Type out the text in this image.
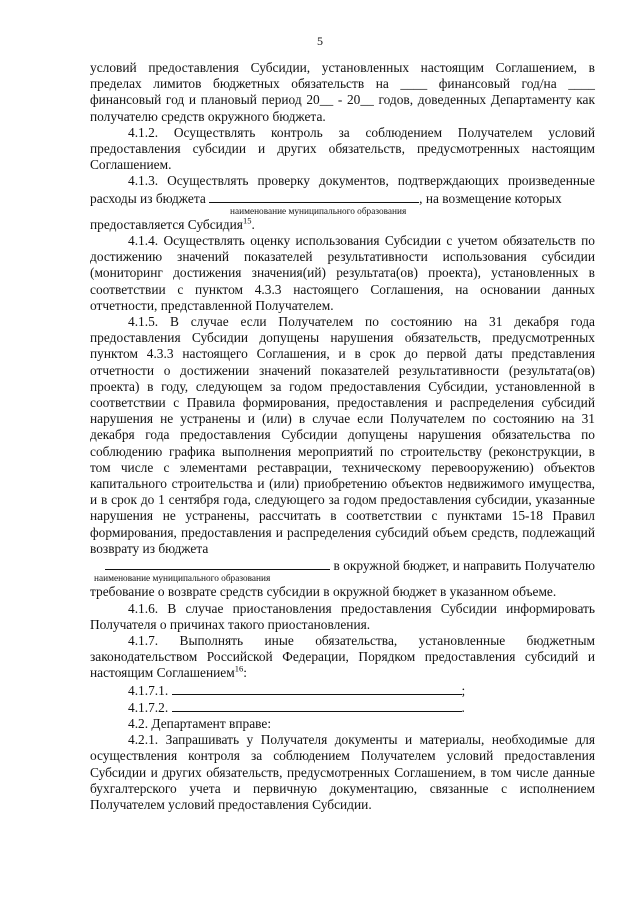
5

условий предоставления Субсидии, установленных настоящим Соглашением, в пределах лимитов бюджетных обязательств на ____ финансовый год/на ____ финансовый год и плановый период 20__ - 20__ годов, доведенных Департаменту как получателю средств окружного бюджета.

4.1.2. Осуществлять контроль за соблюдением Получателем условий предоставления субсидии и других обязательств, предусмотренных настоящим Соглашением.

4.1.3. Осуществлять проверку документов, подтверждающих произведенные расходы из бюджета	, на возмещение которых

наименование муниципального образования

предоставляется Субсидия$^{15}$.

4.1.4. Осуществлять оценку использования Субсидии с учетом обязательств по достижению значений показателей результативности использования субсидии (мониторинг достижения значения(ий) результата(ов) проекта), установленных в соответствии с пунктом 4.3.3 настоящего Соглашения, на основании данных отчетности, представленной Получателем.

4.1.5. В случае если Получателем по состоянию на 31 декабря года предоставления Субсидии допущены нарушения обязательств, предусмотренных пунктом 4.3.3 настоящего Соглашения, и в срок до первой даты представления отчетности о достижении значений показателей результативности (результата(ов) проекта) в году, следующем за годом предоставления Субсидии, установленной в соответствии с Правила формирования, предоставления и распределения субсидий нарушения не устранены и (или) в случае если Получателем по состоянию на 31 декабря года предоставления Субсидии допущены нарушения обязательства по соблюдению графика выполнения мероприятий по строительству (реконструкции, в том числе с элементами реставрации, техническому перевооружению) объектов капитального строительства и (или) приобретению объектов недвижимого имущества, и в срок до 1 сентября года, следующего за годом предоставления субсидии, указанные нарушения не устранены, рассчитать в соответствии с пунктами 15-18 Правил формирования, предоставления и распределения субсидий объем средств, подлежащий возврату из бюджета

в окружной бюджет, и направить Получателю

наименование муниципального образования

требование о возврате средств субсидии в окружной бюджет в указанном объеме.

4.1.6. В случае приостановления предоставления Субсидии информировать Получателя о причинах такого приостановления.

4.1.7. Выполнять иные обязательства, установленные бюджетным законодательством Российской Федерации, Порядком предоставления субсидий и настоящим Соглашением$^{16}$:

4.1.7.1.	;

4.1.7.2.	.

4.2. Департамент вправе:

4.2.1. Запрашивать у Получателя документы и материалы, необходимые для осуществления контроля за соблюдением Получателем условий предоставления Субсидии и других обязательств, предусмотренных Соглашением, в том числе данные бухгалтерского учета и первичную документацию, связанные с исполнением Получателем условий предоставления Субсидии.
